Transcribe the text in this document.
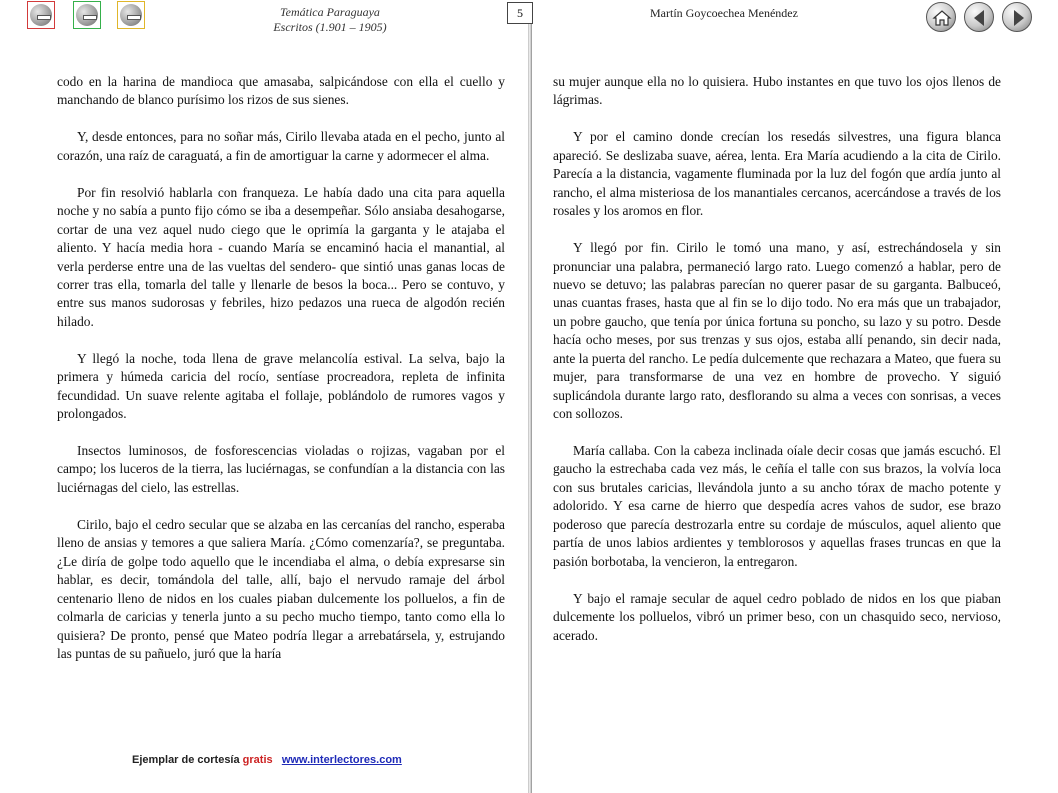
Temática Paraguaya
Escritos (1.901 – 1905)
5	Martín Goycoechea Menéndez

codo en la harina de mandioca que amasaba, salpicándose con ella el cuello y manchando de blanco purísimo los rizos de sus sienes.

Y, desde entonces, para no soñar más, Cirilo llevaba atada en el pecho, junto al corazón, una raíz de caraguatá, a fin de amortiguar la carne y adormecer el alma.

Por fin resolvió hablarla con franqueza. Le había dado una cita para aquella noche y no sabía a punto fijo cómo se iba a desempeñar. Sólo ansiaba desahogarse, cortar de una vez aquel nudo ciego que le oprimía la garganta y le atajaba el aliento. Y hacía media hora - cuando María se encaminó hacia el manantial, al verla perderse entre una de las vueltas del sendero- que sintió unas ganas locas de correr tras ella, tomarla del talle y llenarle de besos la boca... Pero se contuvo, y entre sus manos sudorosas y febriles, hizo pedazos una rueca de algodón recién hilado.

Y llegó la noche, toda llena de grave melancolía estival. La selva, bajo la primera y húmeda caricia del rocío, sentíase procreadora, repleta de infinita fecundidad. Un suave relente agitaba el follaje, poblándolo de rumores vagos y prolongados.

Insectos luminosos, de fosforescencias violadas o rojizas, vagaban por el campo; los luceros de la tierra, las luciérnagas, se confundían a la distancia con las luciérnagas del cielo, las estrellas.

Cirilo, bajo el cedro secular que se alzaba en las cercanías del rancho, esperaba lleno de ansias y temores a que saliera María. ¿Cómo comenzaría?, se preguntaba. ¿Le diría de golpe todo aquello que le incendiaba el alma, o debía expresarse sin hablar, es decir, tomándola del talle, allí, bajo el nervudo ramaje del árbol centenario lleno de nidos en los cuales piaban dulcemente los polluelos, a fin de colmarla de caricias y tenerla junto a su pecho mucho tiempo, tanto como ella lo quisiera? De pronto, pensé que Mateo podría llegar a arrebatársela, y, estrujando las puntas de su pañuelo, juró que la haría

su mujer aunque ella no lo quisiera. Hubo instantes en que tuvo los ojos llenos de lágrimas.

Y por el camino donde crecían los resedás silvestres, una figura blanca apareció. Se deslizaba suave, aérea, lenta. Era María acudiendo a la cita de Cirilo. Parecía a la distancia, vagamente fluminada por la luz del fogón que ardía junto al rancho, el alma misteriosa de los manantiales cercanos, acercándose a través de los rosales y los aromos en flor.

Y llegó por fin. Cirilo le tomó una mano, y así, estrechándosela y sin pronunciar una palabra, permaneció largo rato. Luego comenzó a hablar, pero de nuevo se detuvo; las palabras parecían no querer pasar de su garganta. Balbuceó, unas cuantas frases, hasta que al fin se lo dijo todo. No era más que un trabajador, un pobre gaucho, que tenía por única fortuna su poncho, su lazo y su potro. Desde hacía ocho meses, por sus trenzas y sus ojos, estaba allí penando, sin decir nada, ante la puerta del rancho. Le pedía dulcemente que rechazara a Mateo, que fuera su mujer, para transformarse de una vez en hombre de provecho. Y siguió suplicándola durante largo rato, desflorando su alma a veces con sonrisas, a veces con sollozos.

María callaba. Con la cabeza inclinada oíale decir cosas que jamás escuchó. El gaucho la estrechaba cada vez más, le ceñía el talle con sus brazos, la volvía loca con sus brutales caricias, llevándola junto a su ancho tórax de macho potente y adolorido. Y esa carne de hierro que despedía acres vahos de sudor, ese brazo poderoso que parecía destrozarla entre su cordaje de músculos, aquel aliento que partía de unos labios ardientes y temblorosos y aquellas frases truncas en que la pasión borbotaba, la vencieron, la entregaron.

Y bajo el ramaje secular de aquel cedro poblado de nidos en los que piaban dulcemente los polluelos, vibró un primer beso, con un chasquido seco, nervioso, acerado.

Ejemplar de cortesía gratis www.interlectores.com
